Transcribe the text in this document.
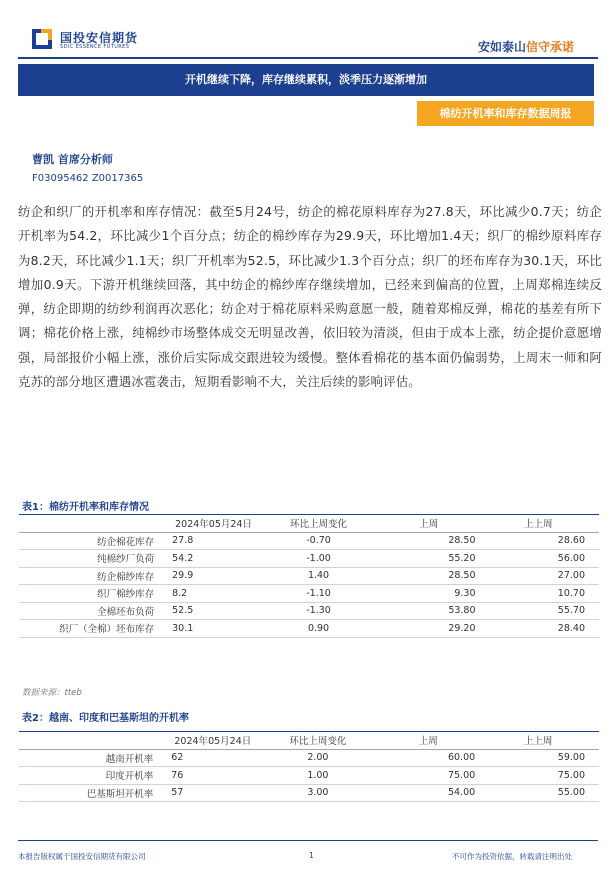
国投安信期货
SDIC ESSENCE FUTURES	安如泰山 信守承诺
开机继续下降，库存继续累积，淡季压力逐渐增加
棉纺开机率和库存数据周报
曹凯 首席分析师
F03095462 Z0017365
纺企和织厂的开机率和库存情况：截至5月24号，纺企的棉花原料库存为27.8天，环比减少0.7天；纺企开机率为54.2，环比减少1个百分点；纺企的棉纱库存为29.9天，环比增加1.4天；织厂的棉纱原料库存为8.2天，环比减少1.1天；织厂开机率为52.5，环比减少1.3个百分点；织厂的坯布库存为30.1天，环比增加0.9天。下游开机继续回落，其中纺企的棉纱库存继续增加，已经来到偏高的位置，上周郑棉连续反弹，纺企即期的纺纱利润再次恶化；纺企对于棉花原料采购意愿一般，随着郑棉反弹，棉花的基差有所下调；棉花价格上涨，纯棉纱市场整体成交无明显改善，依旧较为清淡，但由于成本上涨，纺企提价意愿增强，局部报价小幅上涨，涨价后实际成交跟进较为缓慢。整体看棉花的基本面仍偏弱势，上周末一师和阿克苏的部分地区遭遇冰雹袭击，短期看影响不大，关注后续的影响评估。
表1：棉纺开机率和库存情况
	2024年05月24日	环比上周变化	上周	上上周
纺企棉花库存	27.8	-0.70	28.50	28.60
纯棉纱厂负荷	54.2	-1.00	55.20	56.00
纺企棉纱库存	29.9	1.40	28.50	27.00
织厂棉纱库存	8.2	-1.10	9.30	10.70
全棉坯布负荷	52.5	-1.30	53.80	55.70
织厂（全棉）坯布库存	30.1	0.90	29.20	28.40
数据来源：tteb
表2：越南、印度和巴基斯坦的开机率
	2024年05月24日	环比上周变化	上周	上上周
越南开机率	62	2.00	60.00	59.00
印度开机率	76	1.00	75.00	75.00
巴基斯坦开机率	57	3.00	54.00	55.00
本报告版权属于国投安信期货有限公司	1	不可作为投资依据，转载请注明出处
